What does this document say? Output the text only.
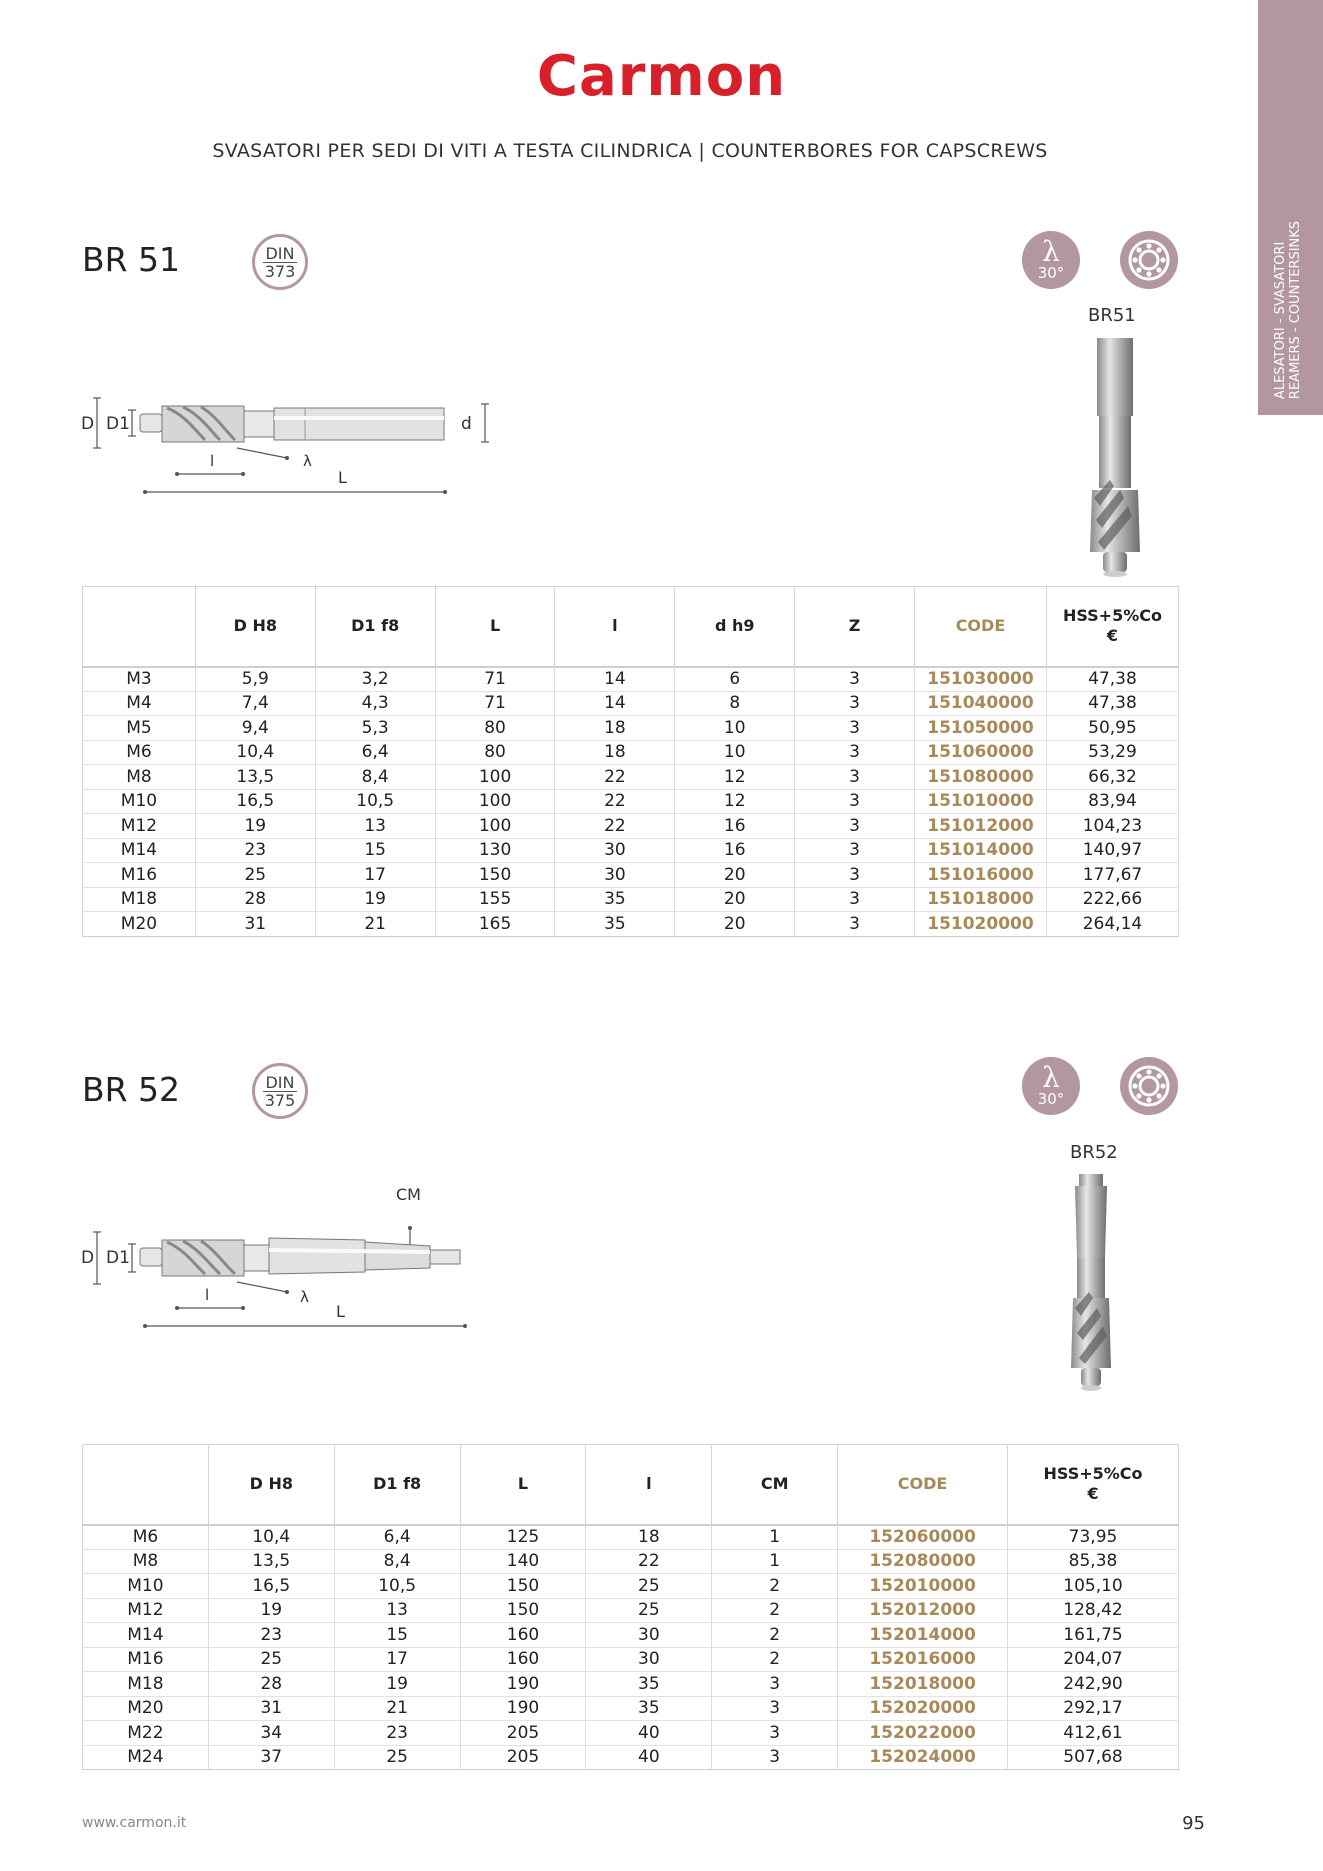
Carmon
SVASATORI PER SEDI DI VITI A TESTA CILINDRICA | COUNTERBORES FOR CAPSCREWS
ALESATORI - SVASATORI REAMERS - COUNTERSINKS
BR 51	DIN
373
λ
30°
BR51
D D1	d
l	λ
L
	D H8	D1 f8	L	l	d h9	Z	CODE	HSS+5%Co
€
M3	5,9	3,2	71	14	6	3	151030000	47,38
M4	7,4	4,3	71	14	8	3	151040000	47,38
M5	9,4	5,3	80	18	10	3	151050000	50,95
M6	10,4	6,4	80	18	10	3	151060000	53,29
M8	13,5	8,4	100	22	12	3	151080000	66,32
M10	16,5	10,5	100	22	12	3	151010000	83,94
M12	19	13	100	22	16	3	151012000	104,23
M14	23	15	130	30	16	3	151014000	140,97
M16	25	17	150	30	20	3	151016000	177,67
M18	28	19	155	35	20	3	151018000	222,66
M20	31	21	165	35	20	3	151020000	264,14
BR 52	DIN
375
λ
30°
BR52
D D1
CM
l	λ
L
	D H8	D1 f8	L	l	CM	CODE	HSS+5%Co
€
M6	10,4	6,4	125	18	1	152060000	73,95
M8	13,5	8,4	140	22	1	152080000	85,38
M10	16,5	10,5	150	25	2	152010000	105,10
M12	19	13	150	25	2	152012000	128,42
M14	23	15	160	30	2	152014000	161,75
M16	25	17	160	30	2	152016000	204,07
M18	28	19	190	35	3	152018000	242,90
M20	31	21	190	35	3	152020000	292,17
M22	34	23	205	40	3	152022000	412,61
M24	37	25	205	40	3	152024000	507,68
www.carmon.it	95
